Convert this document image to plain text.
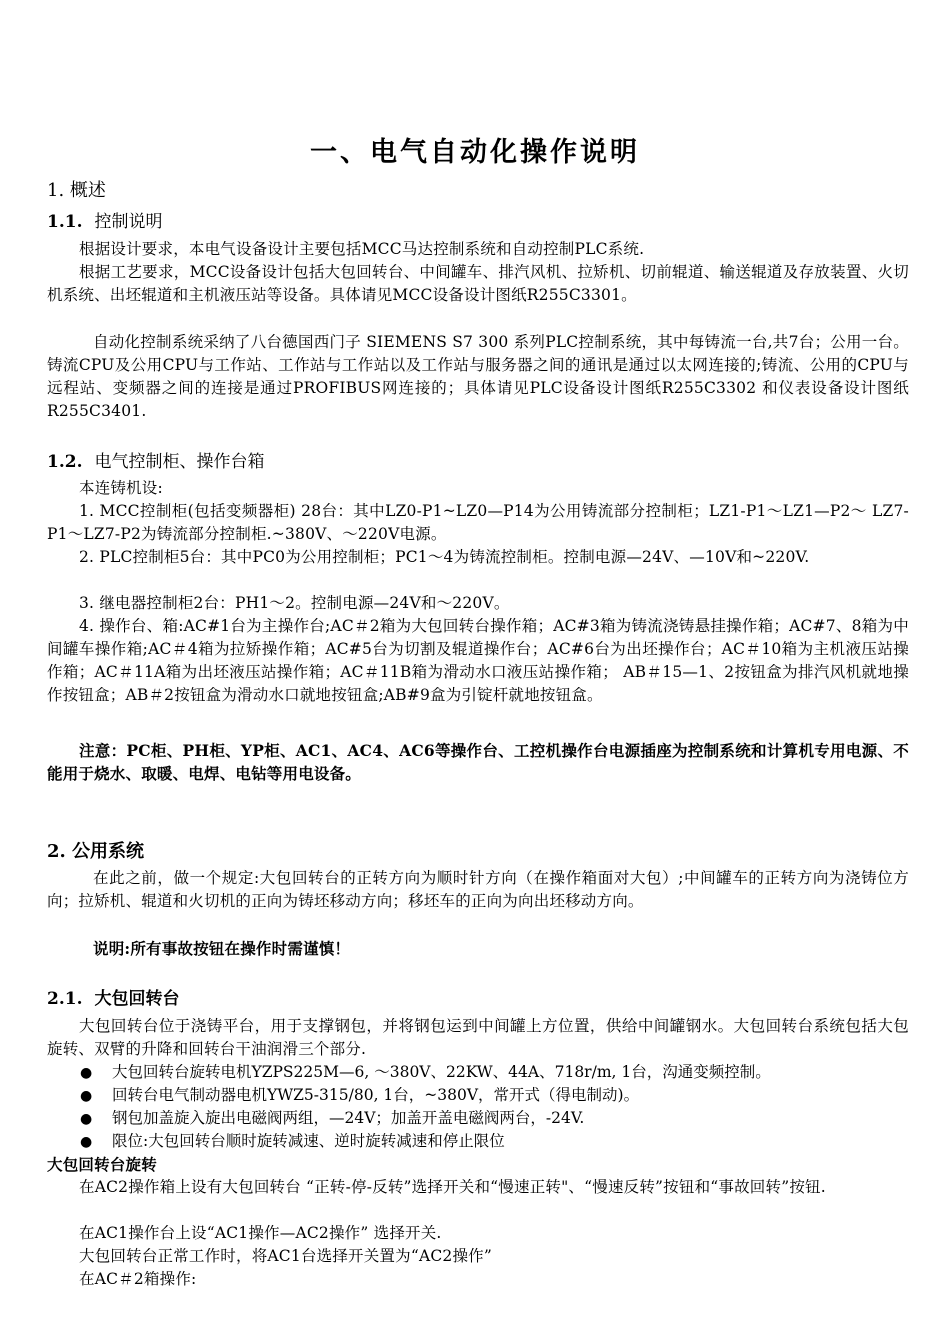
一、电气自动化操作说明
1. 概述
1.1. 控制说明
根据设计要求，本电气设备设计主要包括MCC马达控制系统和自动控制PLC系统.
根据工艺要求，MCC设备设计包括大包回转台、中间罐车、排汽风机、拉矫机、切前辊道、输送辊道及存放装置、火切机系统、出坯辊道和主机液压站等设备。具体请见MCC设备设计图纸R255C3301。
自动化控制系统采纳了八台德国西门子 SIEMENS S7 300 系列PLC控制系统，其中每铸流一台,共7台；公用一台。铸流CPU及公用CPU与工作站、工作站与工作站以及工作站与服务器之间的通讯是通过以太网连接的;铸流、公用的CPU与远程站、变频器之间的连接是通过PROFIBUS网连接的；具体请见PLC设备设计图纸R255C3302 和仪表设备设计图纸R255C3401.
1.2. 电气控制柜、操作台箱
本连铸机设:
1. MCC控制柜(包括变频器柜) 28台：其中LZ0-P1~LZ0—P14为公用铸流部分控制柜；LZ1-P1～LZ1—P2～ LZ7-P1～LZ7-P2为铸流部分控制柜.~380V、～220V电源。
2. PLC控制柜5台：其中PC0为公用控制柜；PC1～4为铸流控制柜。控制电源—24V、—10V和~220V.
3. 继电器控制柜2台：PH1～2。控制电源—24V和～220V。
4. 操作台、箱:AC#1台为主操作台;AC＃2箱为大包回转台操作箱；AC#3箱为铸流浇铸悬挂操作箱；AC#7、8箱为中间罐车操作箱;AC＃4箱为拉矫操作箱；AC#5台为切割及辊道操作台；AC#6台为出坯操作台；AC＃10箱为主机液压站操作箱；AC＃11A箱为出坯液压站操作箱；AC＃11B箱为滑动水口液压站操作箱； AB＃15—1、2按钮盒为排汽风机就地操作按钮盒；AB＃2按钮盒为滑动水口就地按钮盒;AB#9盒为引锭杆就地按钮盒。
注意：PC柜、PH柜、YP柜、AC1、AC4、AC6等操作台、工控机操作台电源插座为控制系统和计算机专用电源、不能用于烧水、取暖、电焊、电钻等用电设备。
2. 公用系统
在此之前，做一个规定:大包回转台的正转方向为顺时针方向（在操作箱面对大包）;中间罐车的正转方向为浇铸位方向；拉矫机、辊道和火切机的正向为铸坯移动方向；移坯车的正向为向出坯移动方向。
说明:所有事故按钮在操作时需谨慎！
2.1. 大包回转台
大包回转台位于浇铸平台，用于支撑钢包，并将钢包运到中间罐上方位置，供给中间罐钢水。大包回转台系统包括大包旋转、双臂的升降和回转台干油润滑三个部分.
● 大包回转台旋转电机YZPS225M—6, ～380V、22KW、44A、718r/m, 1台，沟通变频控制。
● 回转台电气制动器电机YWZ5-315/80, 1台，~380V，常开式（得电制动)。
● 钢包加盖旋入旋出电磁阀两组，—24V；加盖开盖电磁阀两台，-24V.
● 限位:大包回转台顺时旋转减速、逆时旋转减速和停止限位
大包回转台旋转
在AC2操作箱上设有大包回转台 “正转-停-反转”选择开关和“慢速正转"、“慢速反转”按钮和“事故回转”按钮.
在AC1操作台上设“AC1操作—AC2操作” 选择开关.
大包回转台正常工作时，将AC1台选择开关置为“AC2操作”
在AC＃2箱操作:
